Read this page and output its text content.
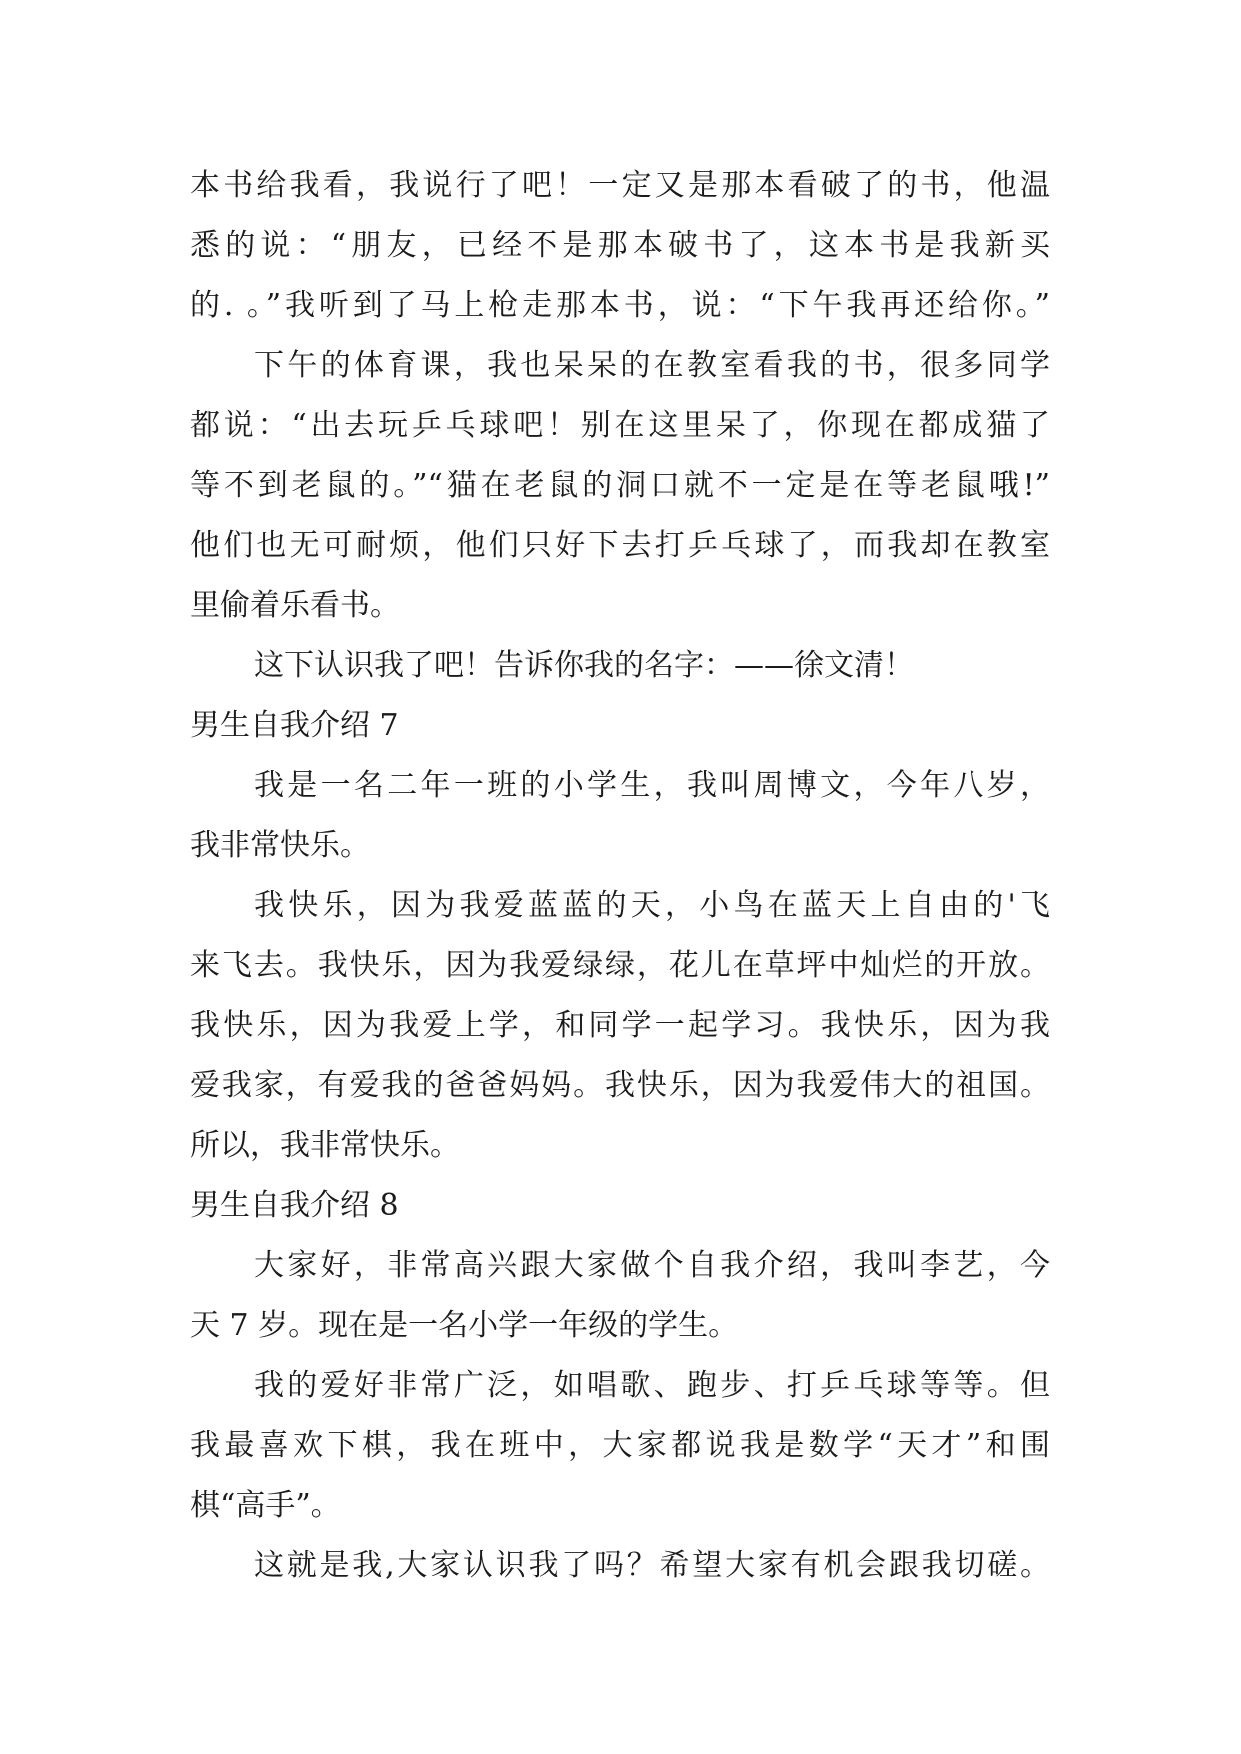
本书给我看，我说行了吧！一定又是那本看破了的书，他温
悉的说：“朋友，已经不是那本破书了，这本书是我新买
的. 。”我听到了马上枪走那本书，说：“下午我再还给你。”
下午的体育课，我也呆呆的在教室看我的书，很多同学
都说：“出去玩乒乓球吧！别在这里呆了，你现在都成猫了
等不到老鼠的。”“猫在老鼠的洞口就不一定是在等老鼠哦!”
他们也无可耐烦，他们只好下去打乒乓球了，而我却在教室
里偷着乐看书。
这下认识我了吧！告诉你我的名字：——徐文清！
男生自我介绍 7
我是一名二年一班的小学生，我叫周博文，今年八岁，
我非常快乐。
我快乐，因为我爱蓝蓝的天，小鸟在蓝天上自由的'飞
来飞去。我快乐，因为我爱绿绿，花儿在草坪中灿烂的开放。
我快乐，因为我爱上学，和同学一起学习。我快乐，因为我
爱我家，有爱我的爸爸妈妈。我快乐，因为我爱伟大的祖国。
所以，我非常快乐。
男生自我介绍 8
大家好，非常高兴跟大家做个自我介绍，我叫李艺，今
天 7 岁。现在是一名小学一年级的学生。
我的爱好非常广泛，如唱歌、跑步、打乒乓球等等。但
我最喜欢下棋，我在班中，大家都说我是数学“天才”和围
棋“高手”。
这就是我,大家认识我了吗？希望大家有机会跟我切磋。
